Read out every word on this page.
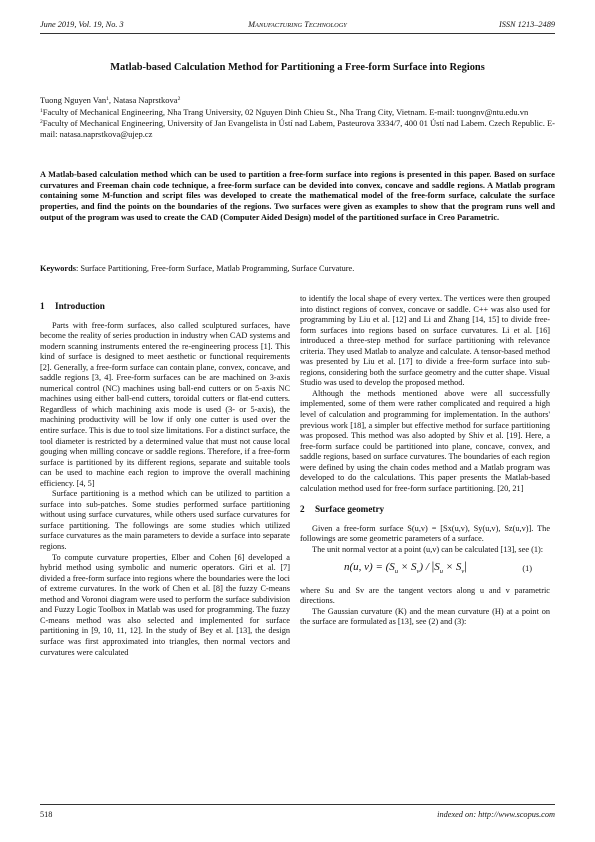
June 2019, Vol. 19, No. 3	MANUFACTURING TECHNOLOGY	ISSN 1213–2489
Matlab-based Calculation Method for Partitioning a Free-form Surface into Regions

Tuong Nguyen Van$^1$, Natasa Naprstkova$^2$

$^1$Faculty of Mechanical Engineering, Nha Trang University, 02 Nguyen Dinh Chieu St., Nha Trang City, Vietnam. E-mail: tuongnv@ntu.edu.vn

$^2$Faculty of Mechanical Engineering, University of Jan Evangelista in Ústí nad Labem, Pasteurova 3334/7, 400 01 Ústí nad Labem. Czech Republic. E-mail: natasa.naprstkova@ujep.cz

A Matlab-based calculation method which can be used to partition a free-form surface into regions is presented in this paper. Based on surface curvatures and Freeman chain code technique, a free-form surface can be devided into convex, concave and saddle regions. A Matlab program containing some M-function and script files was developed to create the mathematical model of the free-form surface, calculate the surface properties, and find the points on the boundaries of the regions. Two surfaces were given as examples to show that the program runs well and output of the program was used to create the CAD (Computer Aided Design) model of the partitioned surface in Creo Parametric.

Keywords: Surface Partitioning, Free-form Surface, Matlab Programming, Surface Curvature.

1 Introduction

Parts with free-form surfaces, also called sculptured surfaces, have become the reality of series production in industry when CAD systems and modern scanning instruments entered the re-engineering process [1]. This kind of surface is designed to meet aesthetic or functional requirements [2]. Generally, a free-form surface can contain plane, convex, concave, and saddle regions [3, 4]. Free-form surfaces can be are machined on 3-axis numerical control (NC) machines using ball-end cutters or on 5-axis NC machines using either ball-end cutters, toroidal cutters or flat-end cutters. Regardless of which machining axis mode is used (3- or 5-axis), the machining productivity will be low if only one cutter is used over the entire surface. This is due to tool size limitations. For a distinct surface, the tool diameter is restricted by a determined value that must not cause local gouging when milling concave or saddle regions. Therefore, if a free-form surface is partitioned by its different regions, separate and suitable tools can be used to machine each region to improve the overall machining efficiency. [4, 5]

Surface partitioning is a method which can be utilized to partition a surface into sub-patches. Some studies performed surface partitioning without using surface curvatures, while others used surface curvatures for surface partitioning. The followings are some studies which utilized surface curvatures as the main parameters to devide a surface into separate regions.

To compute curvature properties, Elber and Cohen [6] developed a hybrid method using symbolic and numeric operators. Giri et al. [7] divided a free-form surface into regions where the boundaries were the loci of extreme curvatures. In the work of Chen et al. [8] the fuzzy C-means method and Voronoi diagram were used to perform the surface subdivision and Fuzzy Logic Toolbox in Matlab was used for programming. The fuzzy C-means method was also selected and implemented for surface partitioning in [9, 10, 11, 12]. In the study of Bey et al. [13], the design surface was first approximated into triangles, then normal vectors and curvatures were calculated

to identify the local shape of every vertex. The vertices were then grouped into distinct regions of convex, concave or saddle. C++ was also used for programming by Liu et al. [12] and Li and Zhang [14, 15] to divide free-form surfaces into regions based on surface curvatures. Li et al. [16] introduced a three-step method for surface partitioning with relevance criteria. They used Matlab to analyze and calculate. A tensor-based method was presented by Liu et al. [17] to divide a free-form surface into sub-regions, considering both the surface geometry and the cutter shape. Visual Studio was used to develop the proposed method.

Although the methods mentioned above were all successfully implemented, some of them were rather complicated and required a high level of calculation and programming for implementation. In the authors' previous work [18], a simpler but effective method for surface partitioning was proposed. This method was also adopted by Shiv et al. [19]. Here, a free-form surface could be partitioned into plane, concave, convex, and saddle regions, based on surface curvatures. The boundaries of each region were defined by using the chain codes method and a Matlab program was developed to do the calculations. This paper presents the Matlab-based calculation method used for free-form surface partitioning. [20, 21]

2 Surface geometry

Given a free-form surface S(u,v) = [Sx(u,v), Sy(u,v), Sz(u,v)]. The followings are some geometric parameters of a surface.

The unit normal vector at a point (u,v) can be calculated [13], see (1):

n(u, $v) = (S_u \times S_v) / |S_u \times S_v|$	(1)

where Su and Sv are the tangent vectors along u and v parametric directions.

The Gaussian curvature (K) and the mean curvature (H) at a point on the surface are formulated as [13], see (2) and (3):

518	indexed on: http://www.scopus.com
